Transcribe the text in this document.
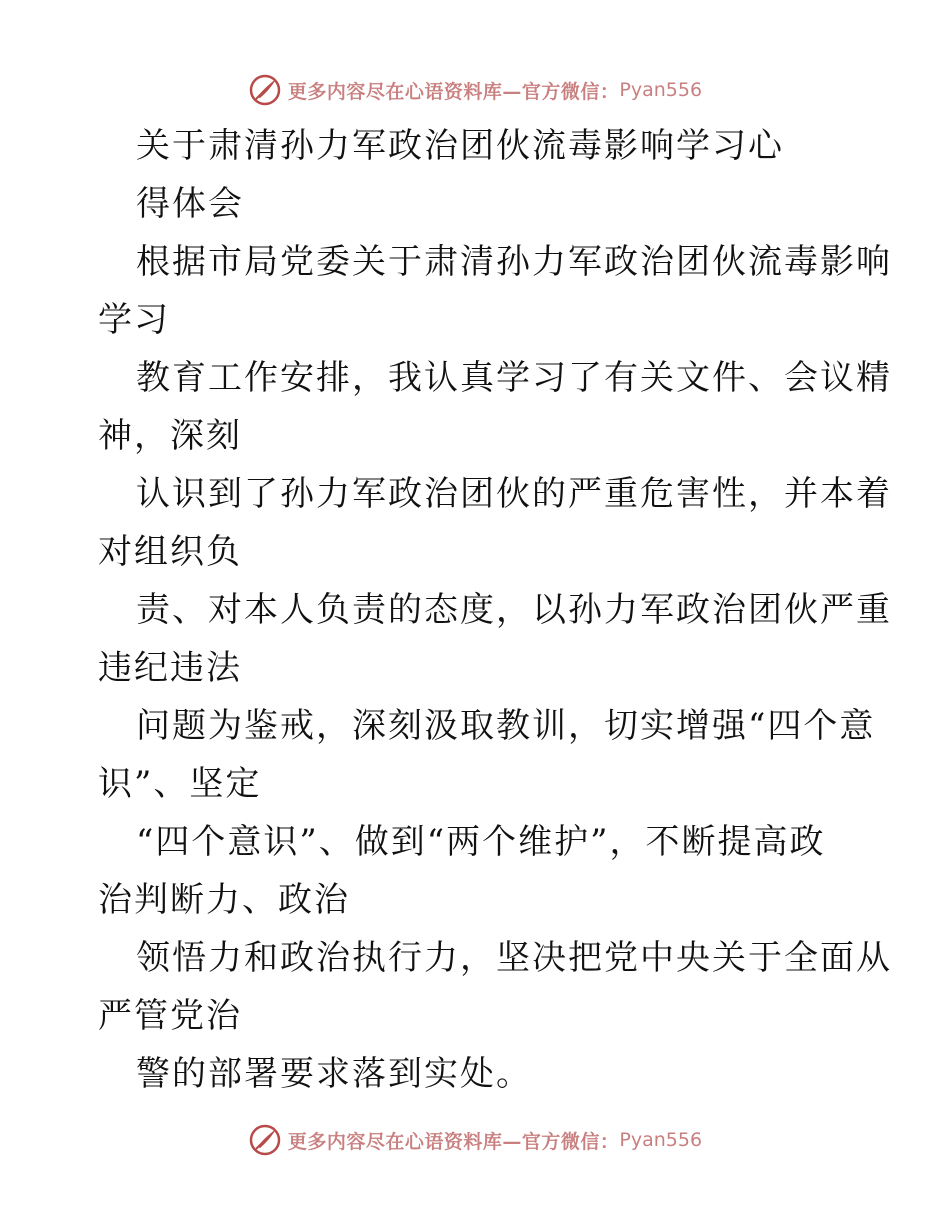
更多内容尽在心语资料库—官方微信： Pyan556
关于肃清孙力军政治团伙流毒影响学习心
得体会
根据市局党委关于肃清孙力军政治团伙流毒影响
学习
教育工作安排，我认真学习了有关文件、会议精
神，深刻
认识到了孙力军政治团伙的严重危害性，并本着
对组织负
责、对本人负责的态度，以孙力军政治团伙严重
违纪违法
问题为鉴戒，深刻汲取教训，切实增强“四个意
识”、坚定
“四个意识”、做到“两个维护”，不断提高政
治判断力、政治
领悟力和政治执行力，坚决把党中央关于全面从
严管党治
警的部署要求落到实处。
更多内容尽在心语资料库—官方微信： Pyan556
